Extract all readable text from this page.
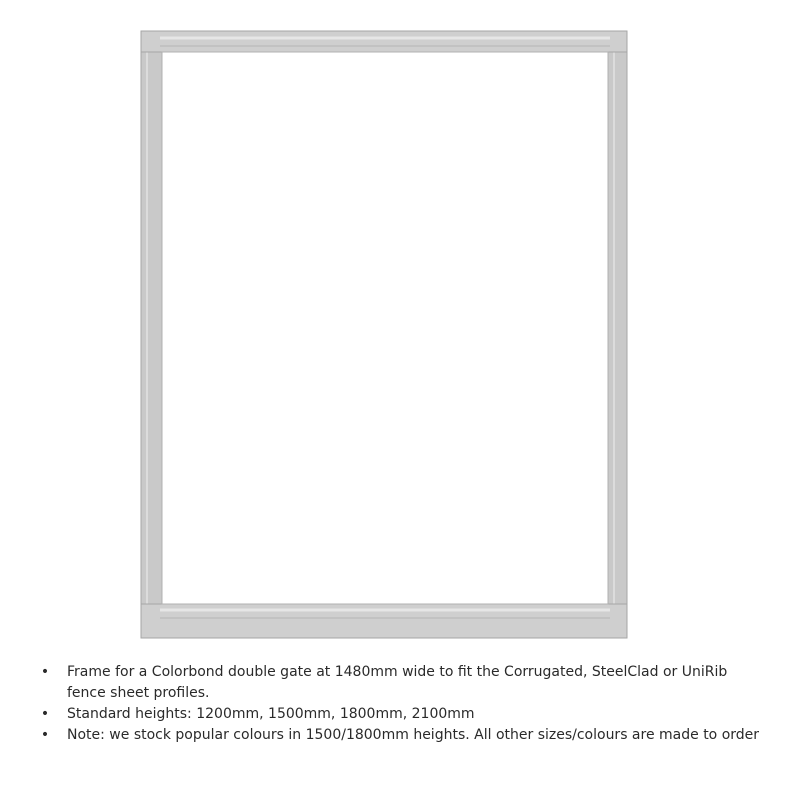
• Frame for a Colorbond double gate at 1480mm wide to fit the Corrugated, SteelClad or UniRib fence sheet profiles.
• Standard heights: 1200mm, 1500mm, 1800mm, 2100mm
• Note: we stock popular colours in 1500/1800mm heights. All other sizes/colours are made to order
